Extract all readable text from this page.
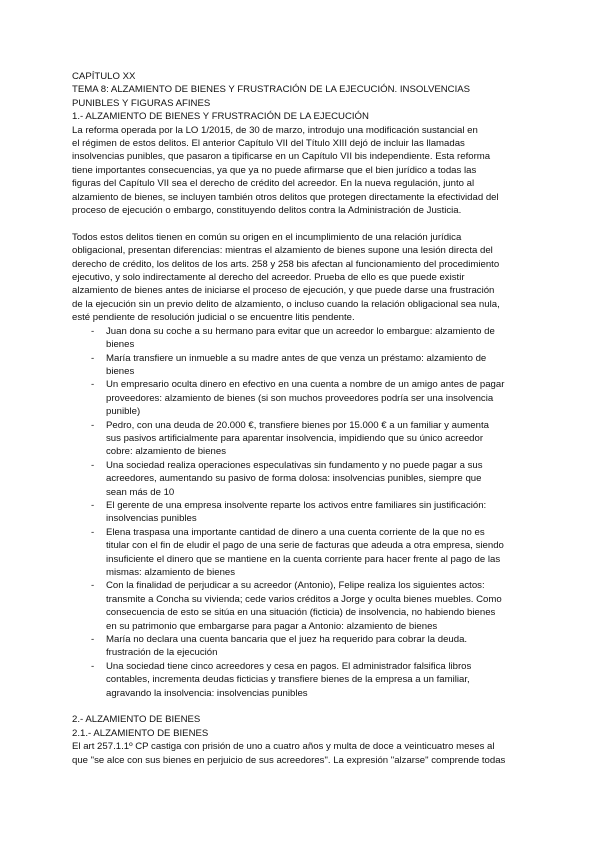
CAPÍTULO XX
TEMA 8: ALZAMIENTO DE BIENES Y FRUSTRACIÓN DE LA EJECUCIÓN. INSOLVENCIAS
PUNIBLES Y FIGURAS AFINES
1.- ALZAMIENTO DE BIENES Y FRUSTRACIÓN DE LA EJECUCIÓN
La reforma operada por la LO 1/2015, de 30 de marzo, introdujo una modificación sustancial en
el régimen de estos delitos. El anterior Capítulo VII del Título XIII dejó de incluir las llamadas
insolvencias punibles, que pasaron a tipificarse en un Capítulo VII bis independiente. Esta reforma
tiene importantes consecuencias, ya que ya no puede afirmarse que el bien jurídico a todas las
figuras del Capítulo VII sea el derecho de crédito del acreedor. En la nueva regulación, junto al
alzamiento de bienes, se incluyen también otros delitos que protegen directamente la efectividad del
proceso de ejecución o embargo, constituyendo delitos contra la Administración de Justicia.
Todos estos delitos tienen en común su origen en el incumplimiento de una relación jurídica
obligacional, presentan diferencias: mientras el alzamiento de bienes supone una lesión directa del
derecho de crédito, los delitos de los arts. 258 y 258 bis afectan al funcionamiento del procedimiento
ejecutivo, y solo indirectamente al derecho del acreedor. Prueba de ello es que puede existir
alzamiento de bienes antes de iniciarse el proceso de ejecución, y que puede darse una frustración
de la ejecución sin un previo delito de alzamiento, o incluso cuando la relación obligacional sea nula,
esté pendiente de resolución judicial o se encuentre litis pendente.
- Juan dona su coche a su hermano para evitar que un acreedor lo embargue: alzamiento de
bienes
- María transfiere un inmueble a su madre antes de que venza un préstamo: alzamiento de
bienes
- Un empresario oculta dinero en efectivo en una cuenta a nombre de un amigo antes de pagar
proveedores: alzamiento de bienes (si son muchos proveedores podría ser una insolvencia
punible)
- Pedro, con una deuda de 20.000 €, transfiere bienes por 15.000 € a un familiar y aumenta
sus pasivos artificialmente para aparentar insolvencia, impidiendo que su único acreedor
cobre: alzamiento de bienes
- Una sociedad realiza operaciones especulativas sin fundamento y no puede pagar a sus
acreedores, aumentando su pasivo de forma dolosa: insolvencias punibles, siempre que
sean más de 10
- El gerente de una empresa insolvente reparte los activos entre familiares sin justificación:
insolvencias punibles
- Elena traspasa una importante cantidad de dinero a una cuenta corriente de la que no es
titular con el fin de eludir el pago de una serie de facturas que adeuda a otra empresa, siendo
insuficiente el dinero que se mantiene en la cuenta corriente para hacer frente al pago de las
mismas: alzamiento de bienes
- Con la finalidad de perjudicar a su acreedor (Antonio), Felipe realiza los siguientes actos:
transmite a Concha su vivienda; cede varios créditos a Jorge y oculta bienes muebles. Como
consecuencia de esto se sitúa en una situación (ficticia) de insolvencia, no habiendo bienes
en su patrimonio que embargarse para pagar a Antonio: alzamiento de bienes
- María no declara una cuenta bancaria que el juez ha requerido para cobrar la deuda.
frustración de la ejecución
- Una sociedad tiene cinco acreedores y cesa en pagos. El administrador falsifica libros
contables, incrementa deudas ficticias y transfiere bienes de la empresa a un familiar,
agravando la insolvencia: insolvencias punibles
2.- ALZAMIENTO DE BIENES
2.1.- ALZAMIENTO DE BIENES
El art 257.1.1º CP castiga con prisión de uno a cuatro años y multa de doce a veinticuatro meses al
que "se alce con sus bienes en perjuicio de sus acreedores". La expresión "alzarse" comprende todas
